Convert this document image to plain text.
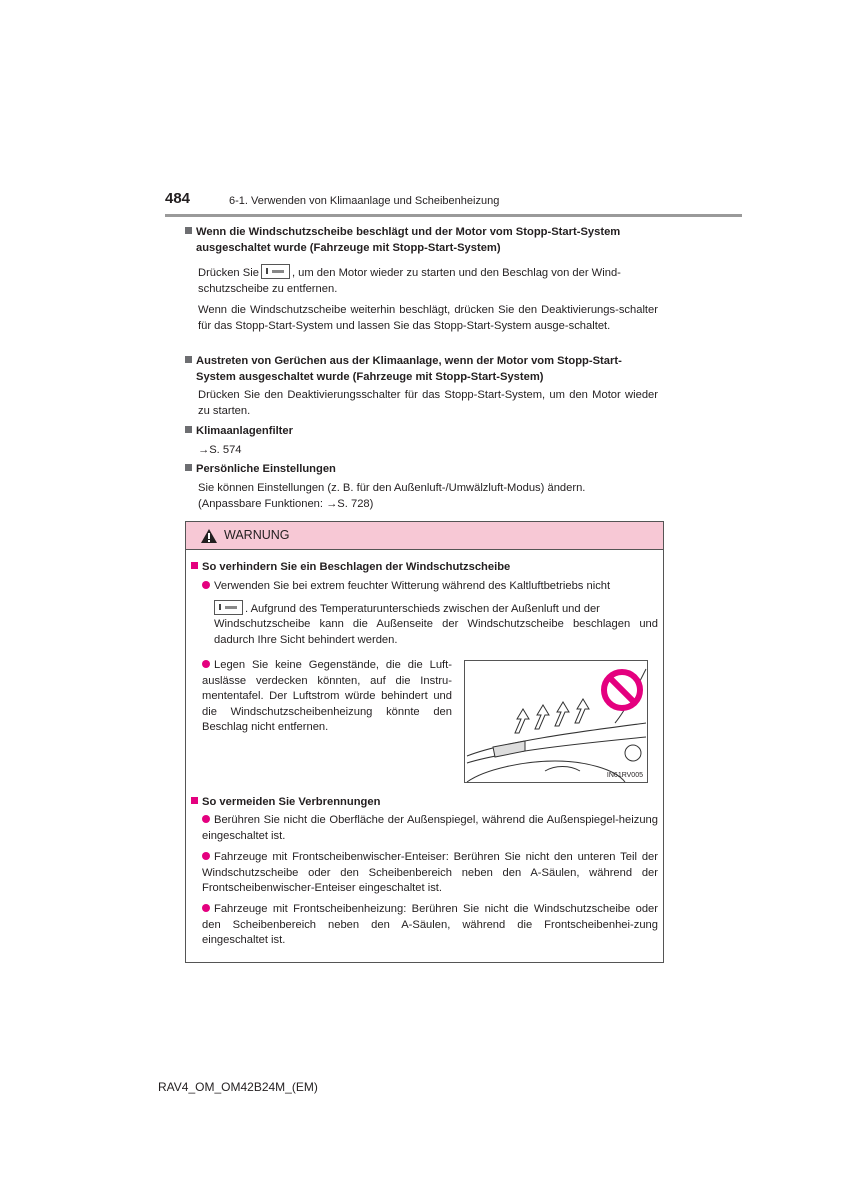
484	6-1. Verwenden von Klimaanlage und Scheibenheizung
Wenn die Windschutzscheibe beschlägt und der Motor vom Stopp-Start-System
ausgeschaltet wurde (Fahrzeuge mit Stopp-Start-System)
Drücken Sie	, um den Motor wieder zu starten und den Beschlag von der Wind-
schutzscheibe zu entfernen.
Wenn die Windschutzscheibe weiterhin beschlägt, drücken Sie den Deaktivierungs-schalter für das Stopp-Start-System und lassen Sie das Stopp-Start-System ausge-schaltet.
Austreten von Gerüchen aus der Klimaanlage, wenn der Motor vom Stopp-Start-
System ausgeschaltet wurde (Fahrzeuge mit Stopp-Start-System)
Drücken Sie den Deaktivierungsschalter für das Stopp-Start-System, um den Motor wieder zu starten.
Klimaanlagenfilter
→S. 574
Persönliche Einstellungen
Sie können Einstellungen (z. B. für den Außenluft-/Umwälzluft-Modus) ändern.
(Anpassbare Funktionen: →S. 728)
WARNUNG
So verhindern Sie ein Beschlagen der Windschutzscheibe
Verwenden Sie bei extrem feuchter Witterung während des Kaltluftbetriebs nicht
. Aufgrund des Temperaturunterschieds zwischen der Außenluft und der
Windschutzscheibe kann die Außenseite der Windschutzscheibe beschlagen und dadurch Ihre Sicht behindert werden.
Legen Sie keine Gegenstände, die die Luft-auslässe verdecken könnten, auf die Instru-mententafel. Der Luftstrom würde behindert und die Windschutzscheibenheizung könnte den Beschlag nicht entfernen.
So vermeiden Sie Verbrennungen
Berühren Sie nicht die Oberfläche der Außenspiegel, während die Außenspiegel-heizung eingeschaltet ist.
Fahrzeuge mit Frontscheibenwischer-Enteiser: Berühren Sie nicht den unteren Teil der Windschutzscheibe oder den Scheibenbereich neben den A-Säulen, während der Frontscheibenwischer-Enteiser eingeschaltet ist.
Fahrzeuge mit Frontscheibenheizung: Berühren Sie nicht die Windschutzscheibe oder den Scheibenbereich neben den A-Säulen, während die Frontscheibenhei-zung eingeschaltet ist.
IN61RV005
RAV4_OM_OM42B24M_(EM)
